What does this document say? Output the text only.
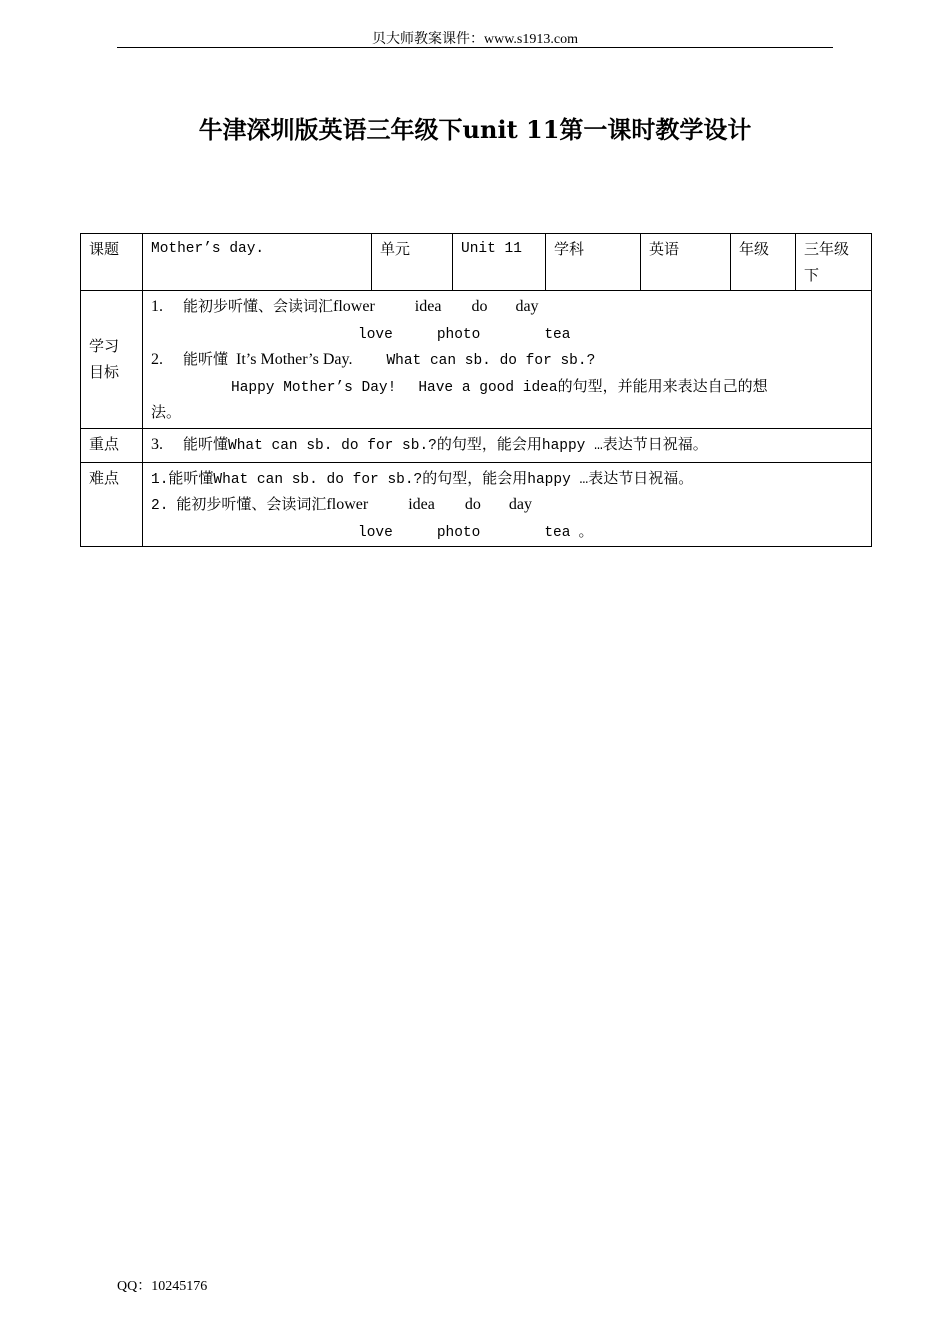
贝大师教案课件：www.s1913.com
牛津深圳版英语三年级下unit 11第一课时教学设计
课题	Mother’s day.	单元	Unit 11	学科	英语	年级	三年级下
学习目标	1. 能初步听懂、会读词汇flower idea do day
love photo tea
2. 能听懂 It’s Mother’s Day. What can sb. do for sb.?
Happy Mother’s Day! Have a good idea的句型，并能用来表达自己的想
法。						

重点	3. 能听懂What can sb. do for sb.?的句型，能会用happy …表达节日祝福。						

难点	1.能听懂What can sb. do for sb.?的句型，能会用happy …表达节日祝福。
2. 能初步听懂、会读词汇flower idea do day
love photo tea 。						
QQ：10245176
